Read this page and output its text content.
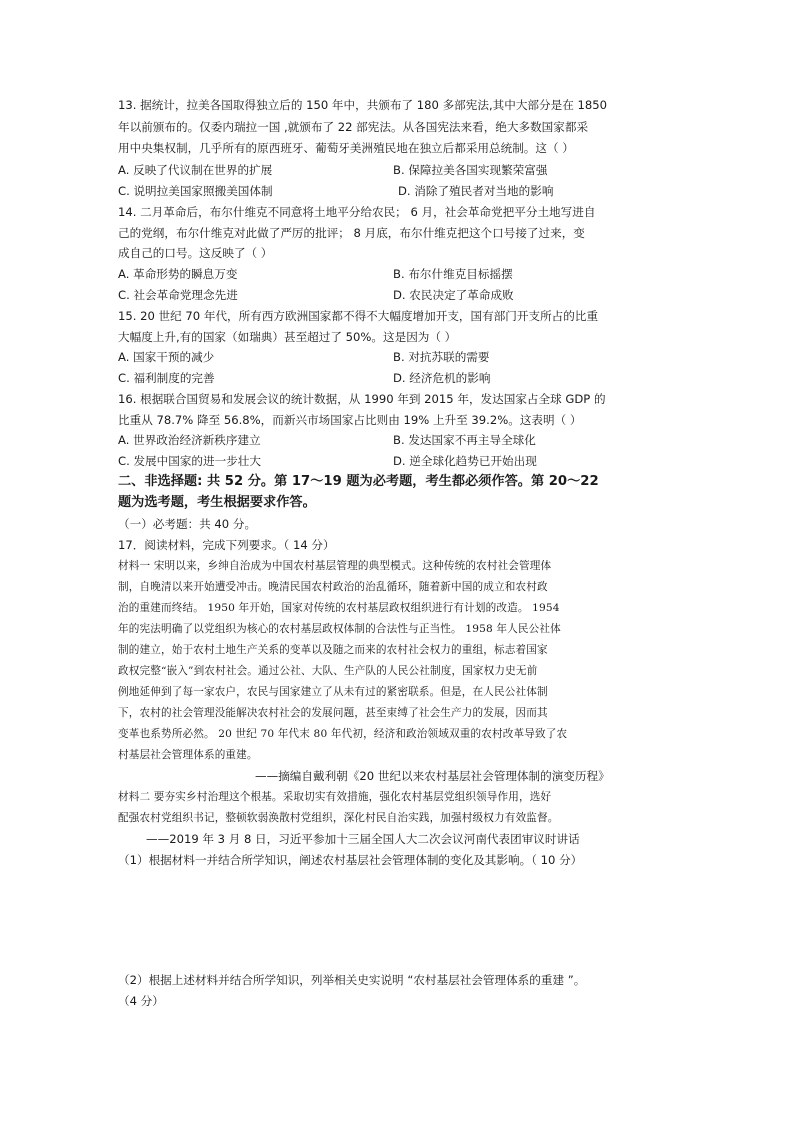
13. 据统计，拉美各国取得独立后的 150 年中，共颁布了 180 多部宪法,其中大部分是在 1850
年以前颁布的。仅委内瑞拉一国 ,就颁布了 22 部宪法。从各国宪法来看，绝大多数国家都采
用中央集权制，几乎所有的原西班牙、葡萄牙美洲殖民地在独立后都采用总统制。这（ ）
A. 反映了代议制在世界的扩展	B. 保障拉美各国实现繁荣富强
C. 说明拉美国家照搬美国体制	D. 消除了殖民者对当地的影响
14. 二月革命后，布尔什维克不同意将土地平分给农民； 6 月，社会革命党把平分土地写进自
己的党纲，布尔什维克对此做了严厉的批评； 8 月底，布尔什维克把这个口号接了过来，变
成自己的口号。这反映了（ ）
A. 革命形势的瞬息万变	B. 布尔什维克目标摇摆
C. 社会革命党理念先进	D. 农民决定了革命成败
15. 20 世纪 70 年代，所有西方欧洲国家都不得不大幅度增加开支，国有部门开支所占的比重
大幅度上升,有的国家（如瑞典）甚至超过了 50%。这是因为（ ）
A. 国家干预的减少	B. 对抗苏联的需要
C. 福利制度的完善	D. 经济危机的影响
16. 根据联合国贸易和发展会议的统计数据，从 1990 年到 2015 年，发达国家占全球 GDP 的
比重从 78.7% 降至 56.8%，而新兴市场国家占比则由 19% 上升至 39.2%。这表明（ ）
A. 世界政治经济新秩序建立	B. 发达国家不再主导全球化
C. 发展中国家的进一步壮大	D. 逆全球化趋势已开始出现
二、非选择题: 共 52 分。第 17～19 题为必考题，考生都必须作答。第 20～22
题为选考题，考生根据要求作答。
（一）必考题：共 40 分。
17．阅读材料，完成下列要求。（ 14 分）
材料一 宋明以来，乡绅自治成为中国农村基层管理的典型模式。这种传统的农村社会管理体
制，自晚清以来开始遭受冲击。晚清民国农村政治的治乱循环，随着新中国的成立和农村政
治的重建而终结。 1950 年开始，国家对传统的农村基层政权组织进行有计划的改造。 1954
年的宪法明确了以党组织为核心的农村基层政权体制的合法性与正当性。 1958 年人民公社体
制的建立，始于农村土地生产关系的变革以及随之而来的农村社会权力的重组，标志着国家
政权完整“嵌入”到农村社会。通过公社、大队、生产队的人民公社制度，国家权力史无前
例地延伸到了每一家农户，农民与国家建立了从未有过的紧密联系。但是，在人民公社体制
下，农村的社会管理没能解决农村社会的发展问题，甚至束缚了社会生产力的发展，因而其
变革也系势所必然。 20 世纪 70 年代末 80 年代初，经济和政治领域双重的农村改革导致了农
村基层社会管理体系的重建。
——摘编自戴利朝《20 世纪以来农村基层社会管理体制的演变历程》
材料二 要夯实乡村治理这个根基。采取切实有效措施，强化农村基层党组织领导作用，选好
配强农村党组织书记，整顿软弱涣散村党组织，深化村民自治实践，加强村级权力有效监督。
——2019 年 3 月 8 日，习近平参加十三届全国人大二次会议河南代表团审议时讲话
（1）根据材料一并结合所学知识，阐述农村基层社会管理体制的变化及其影响。（ 10 分）
（2）根据上述材料并结合所学知识，列举相关史实说明 “农村基层社会管理体系的重建 ”。
（4 分）
